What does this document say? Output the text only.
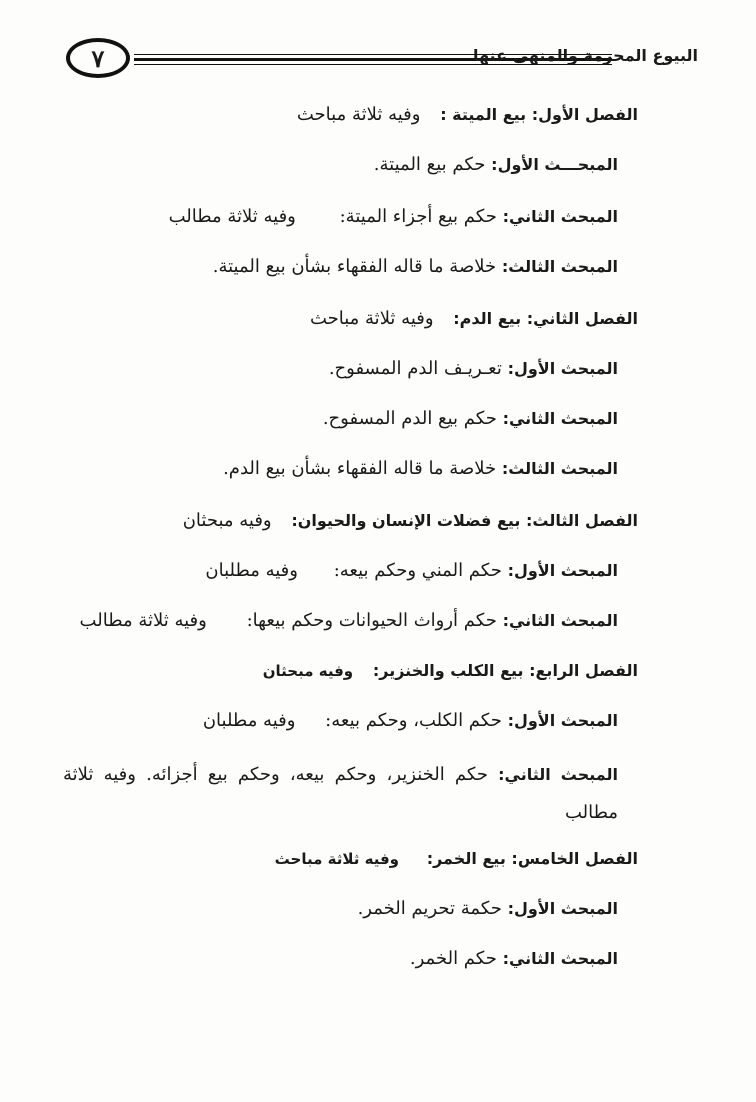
٧	البيوع المحرمة والمنهي عنها
الفصل الأول: بيع الميتة : وفيه ثلاثة مباحث
المبحـــث الأول: حكم بيع الميتة.
المبحث الثاني: حكم بيع أجزاء الميتة: وفيه ثلاثة مطالب
المبحث الثالث: خلاصة ما قاله الفقهاء بشأن بيع الميتة.
الفصل الثاني: بيع الدم: وفيه ثلاثة مباحث
المبحث الأول: تعـريـف الدم المسفوح.
المبحث الثاني: حكم بيع الدم المسفوح.
المبحث الثالث: خلاصة ما قاله الفقهاء بشأن بيع الدم.
الفصل الثالث: بيع فضلات الإنسان والحيوان: وفيه مبحثان
المبحث الأول: حكم المني وحكم بيعه: وفيه مطلبان
المبحث الثاني: حكم أرواث الحيوانات وحكم بيعها: وفيه ثلاثة مطالب
الفصل الرابع: بيع الكلب والخنزير: وفيه مبحثان
المبحث الأول: حكم الكلب، وحكم بيعه: وفيه مطلبان
المبحث الثاني: حكم الخنزير، وحكم بيعه، وحكم بيع أجزائه. وفيه ثلاثة مطالب
الفصل الخامس: بيع الخمر: وفيه ثلاثة مباحث
المبحث الأول: حكمة تحريم الخمر.
المبحث الثاني: حكم الخمر.
